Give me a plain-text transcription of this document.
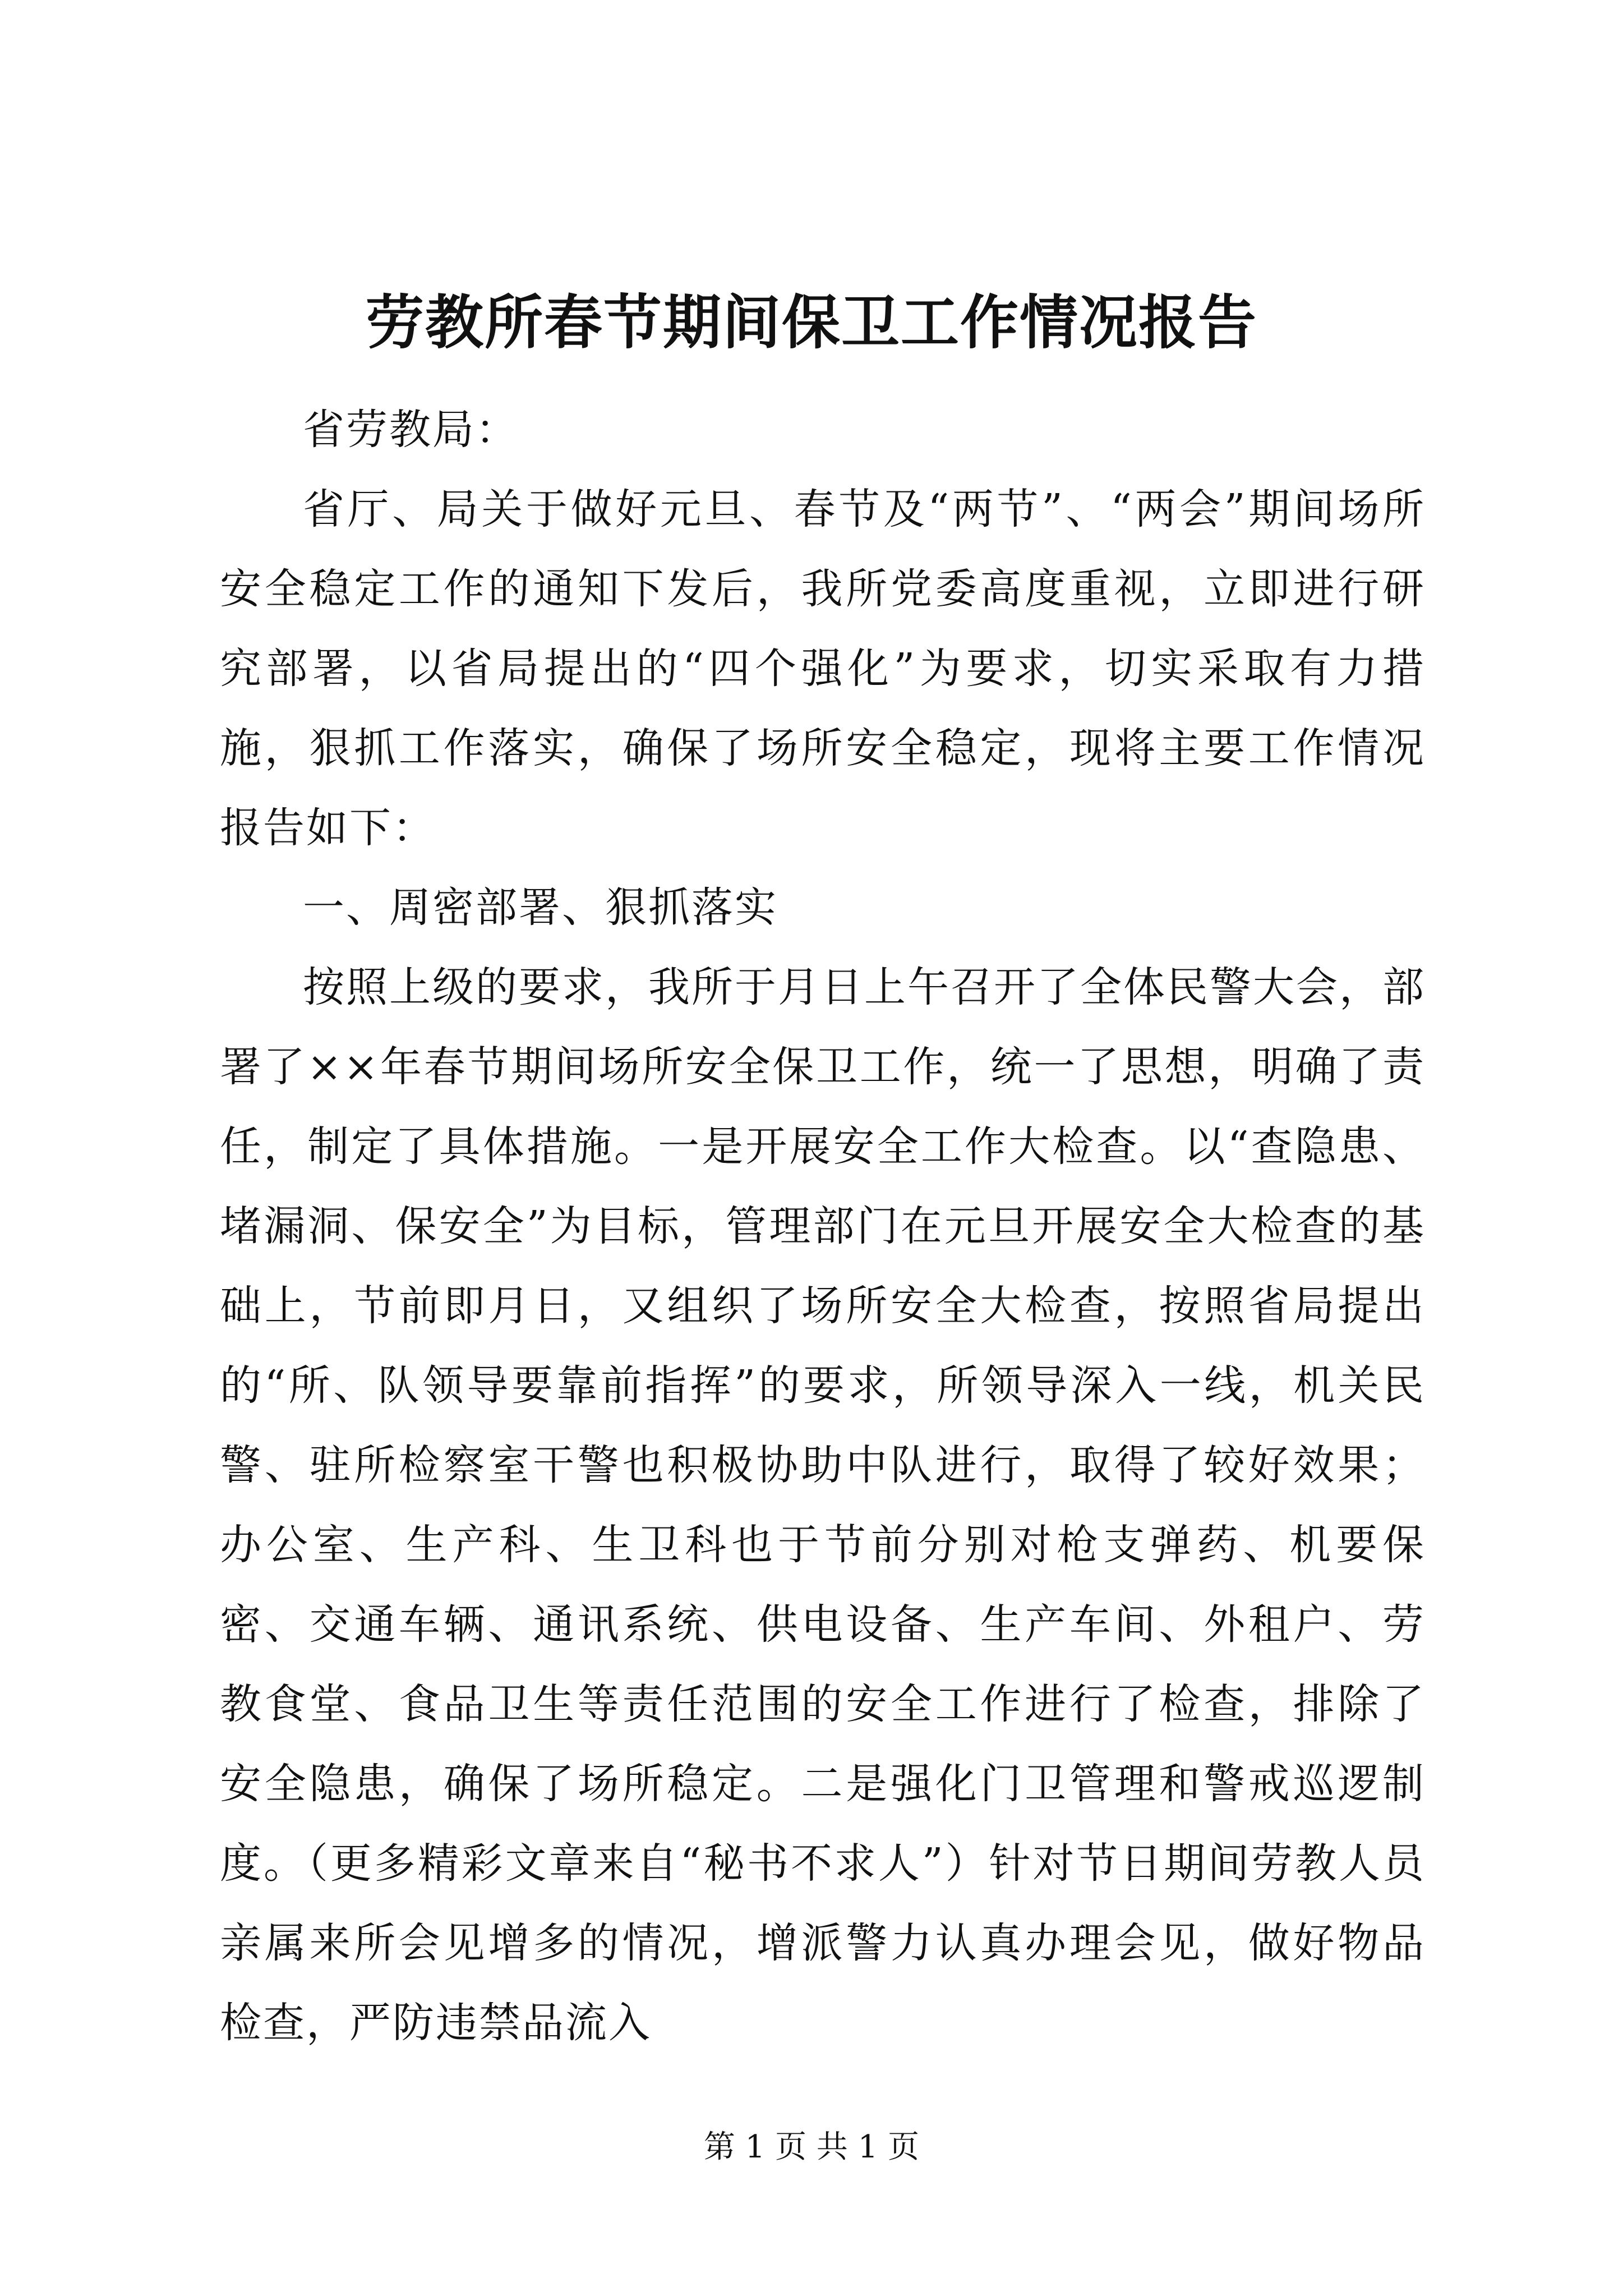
劳教所春节期间保卫工作情况报告

省劳教局：

省厅、局关于做好元旦、春节及“两节”、“两会”期间场所安全稳定工作的通知下发后，我所党委高度重视，立即进行研究部署，以省局提出的“四个强化”为要求，切实采取有力措施，狠抓工作落实，确保了场所安全稳定，现将主要工作情况报告如下：

一、周密部署、狠抓落实

按照上级的要求，我所于月日上午召开了全体民警大会，部署了××年春节期间场所安全保卫工作，统一了思想，明确了责任，制定了具体措施。一是开展安全工作大检查。以“查隐患、堵漏洞、保安全”为目标，管理部门在元旦开展安全大检查的基础上，节前即月日，又组织了场所安全大检查，按照省局提出的“所、队领导要靠前指挥”的要求，所领导深入一线，机关民警、驻所检察室干警也积极协助中队进行，取得了较好效果；办公室、生产科、生卫科也于节前分别对枪支弹药、机要保密、交通车辆、通讯系统、供电设备、生产车间、外租户、劳教食堂、食品卫生等责任范围的安全工作进行了检查，排除了安全隐患，确保了场所稳定。二是强化门卫管理和警戒巡逻制度。（更多精彩文章来自“秘书不求人”）针对节日期间劳教人员亲属来所会见增多的情况，增派警力认真办理会见，做好物品检查，严防违禁品流入

第 1 页 共 1 页
